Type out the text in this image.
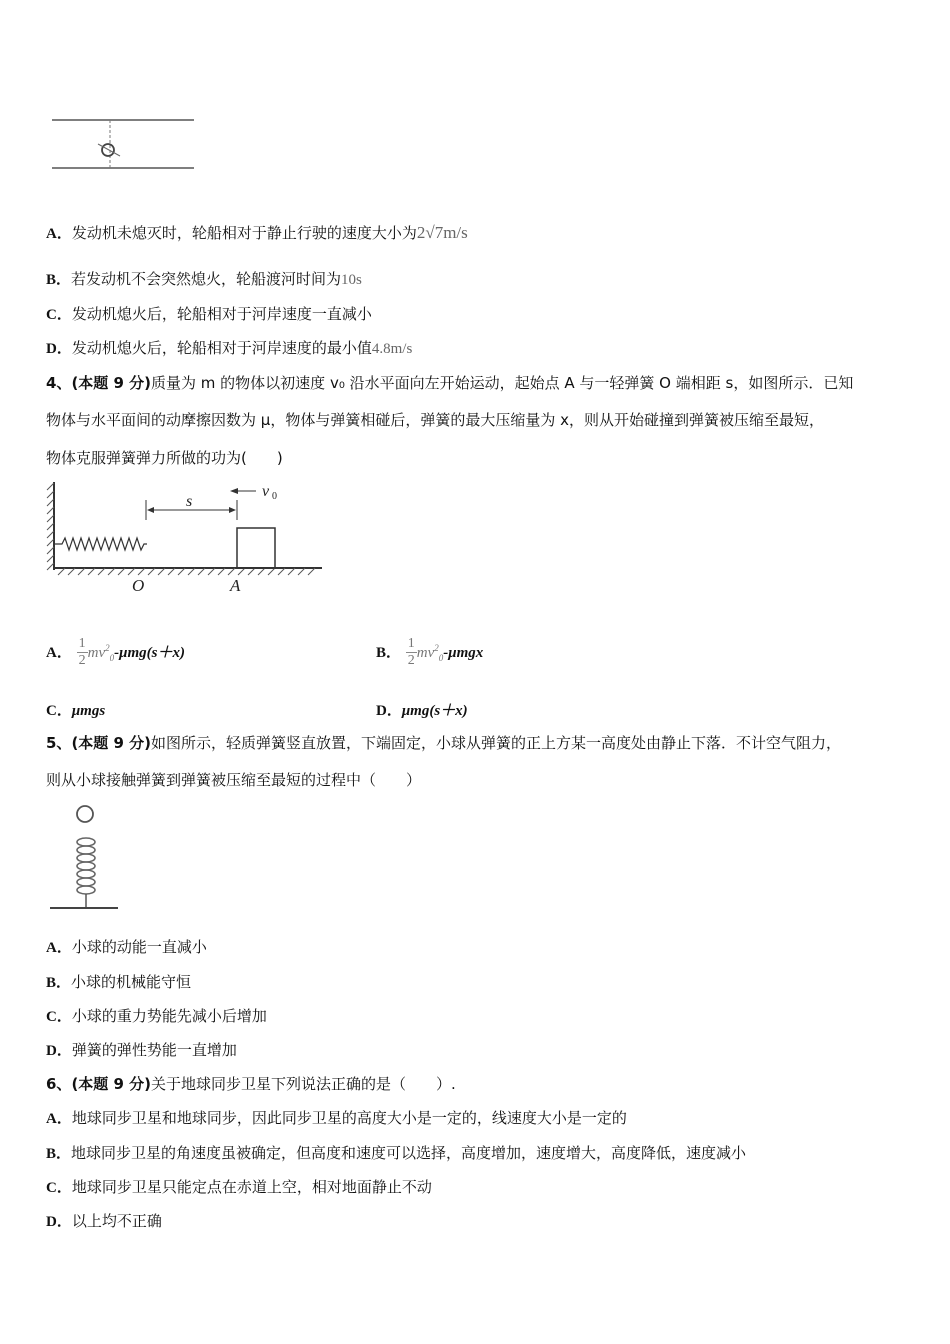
A．发动机未熄灭时，轮船相对于静止行驶的速度大小为2√7m/s
B．若发动机不会突然熄火，轮船渡河时间为10s
C．发动机熄火后，轮船相对于河岸速度一直减小
D．发动机熄火后，轮船相对于河岸速度的最小值4.8m/s
4、(本题 9 分)质量为 m 的物体以初速度 v₀ 沿水平面向左开始运动，起始点 A 与一轻弹簧 O 端相距 s，如图所示．已知
物体与水平面间的动摩擦因数为 μ，物体与弹簧相碰后，弹簧的最大压缩量为 x，则从开始碰撞到弹簧被压缩至最短，
物体克服弹簧弹力所做的功为(　　)
s
v 0
O	A
A． $\frac{1}{2} mv^2_0-\mu mg(s+x)$	B． $\frac{1}{2} mv^2_0-\mu mgx$
C．μmgs	D．μmg(s＋x)
5、(本题 9 分)如图所示，轻质弹簧竖直放置，下端固定，小球从弹簧的正上方某一高度处由静止下落．不计空气阻力，
则从小球接触弹簧到弹簧被压缩至最短的过程中（　　）
A．小球的动能一直减小
B．小球的机械能守恒
C．小球的重力势能先减小后增加
D．弹簧的弹性势能一直增加
6、(本题 9 分)关于地球同步卫星下列说法正确的是（　　）.
A．地球同步卫星和地球同步，因此同步卫星的高度大小是一定的，线速度大小是一定的
B．地球同步卫星的角速度虽被确定，但高度和速度可以选择，高度增加，速度增大，高度降低，速度减小
C．地球同步卫星只能定点在赤道上空，相对地面静止不动
D．以上均不正确
